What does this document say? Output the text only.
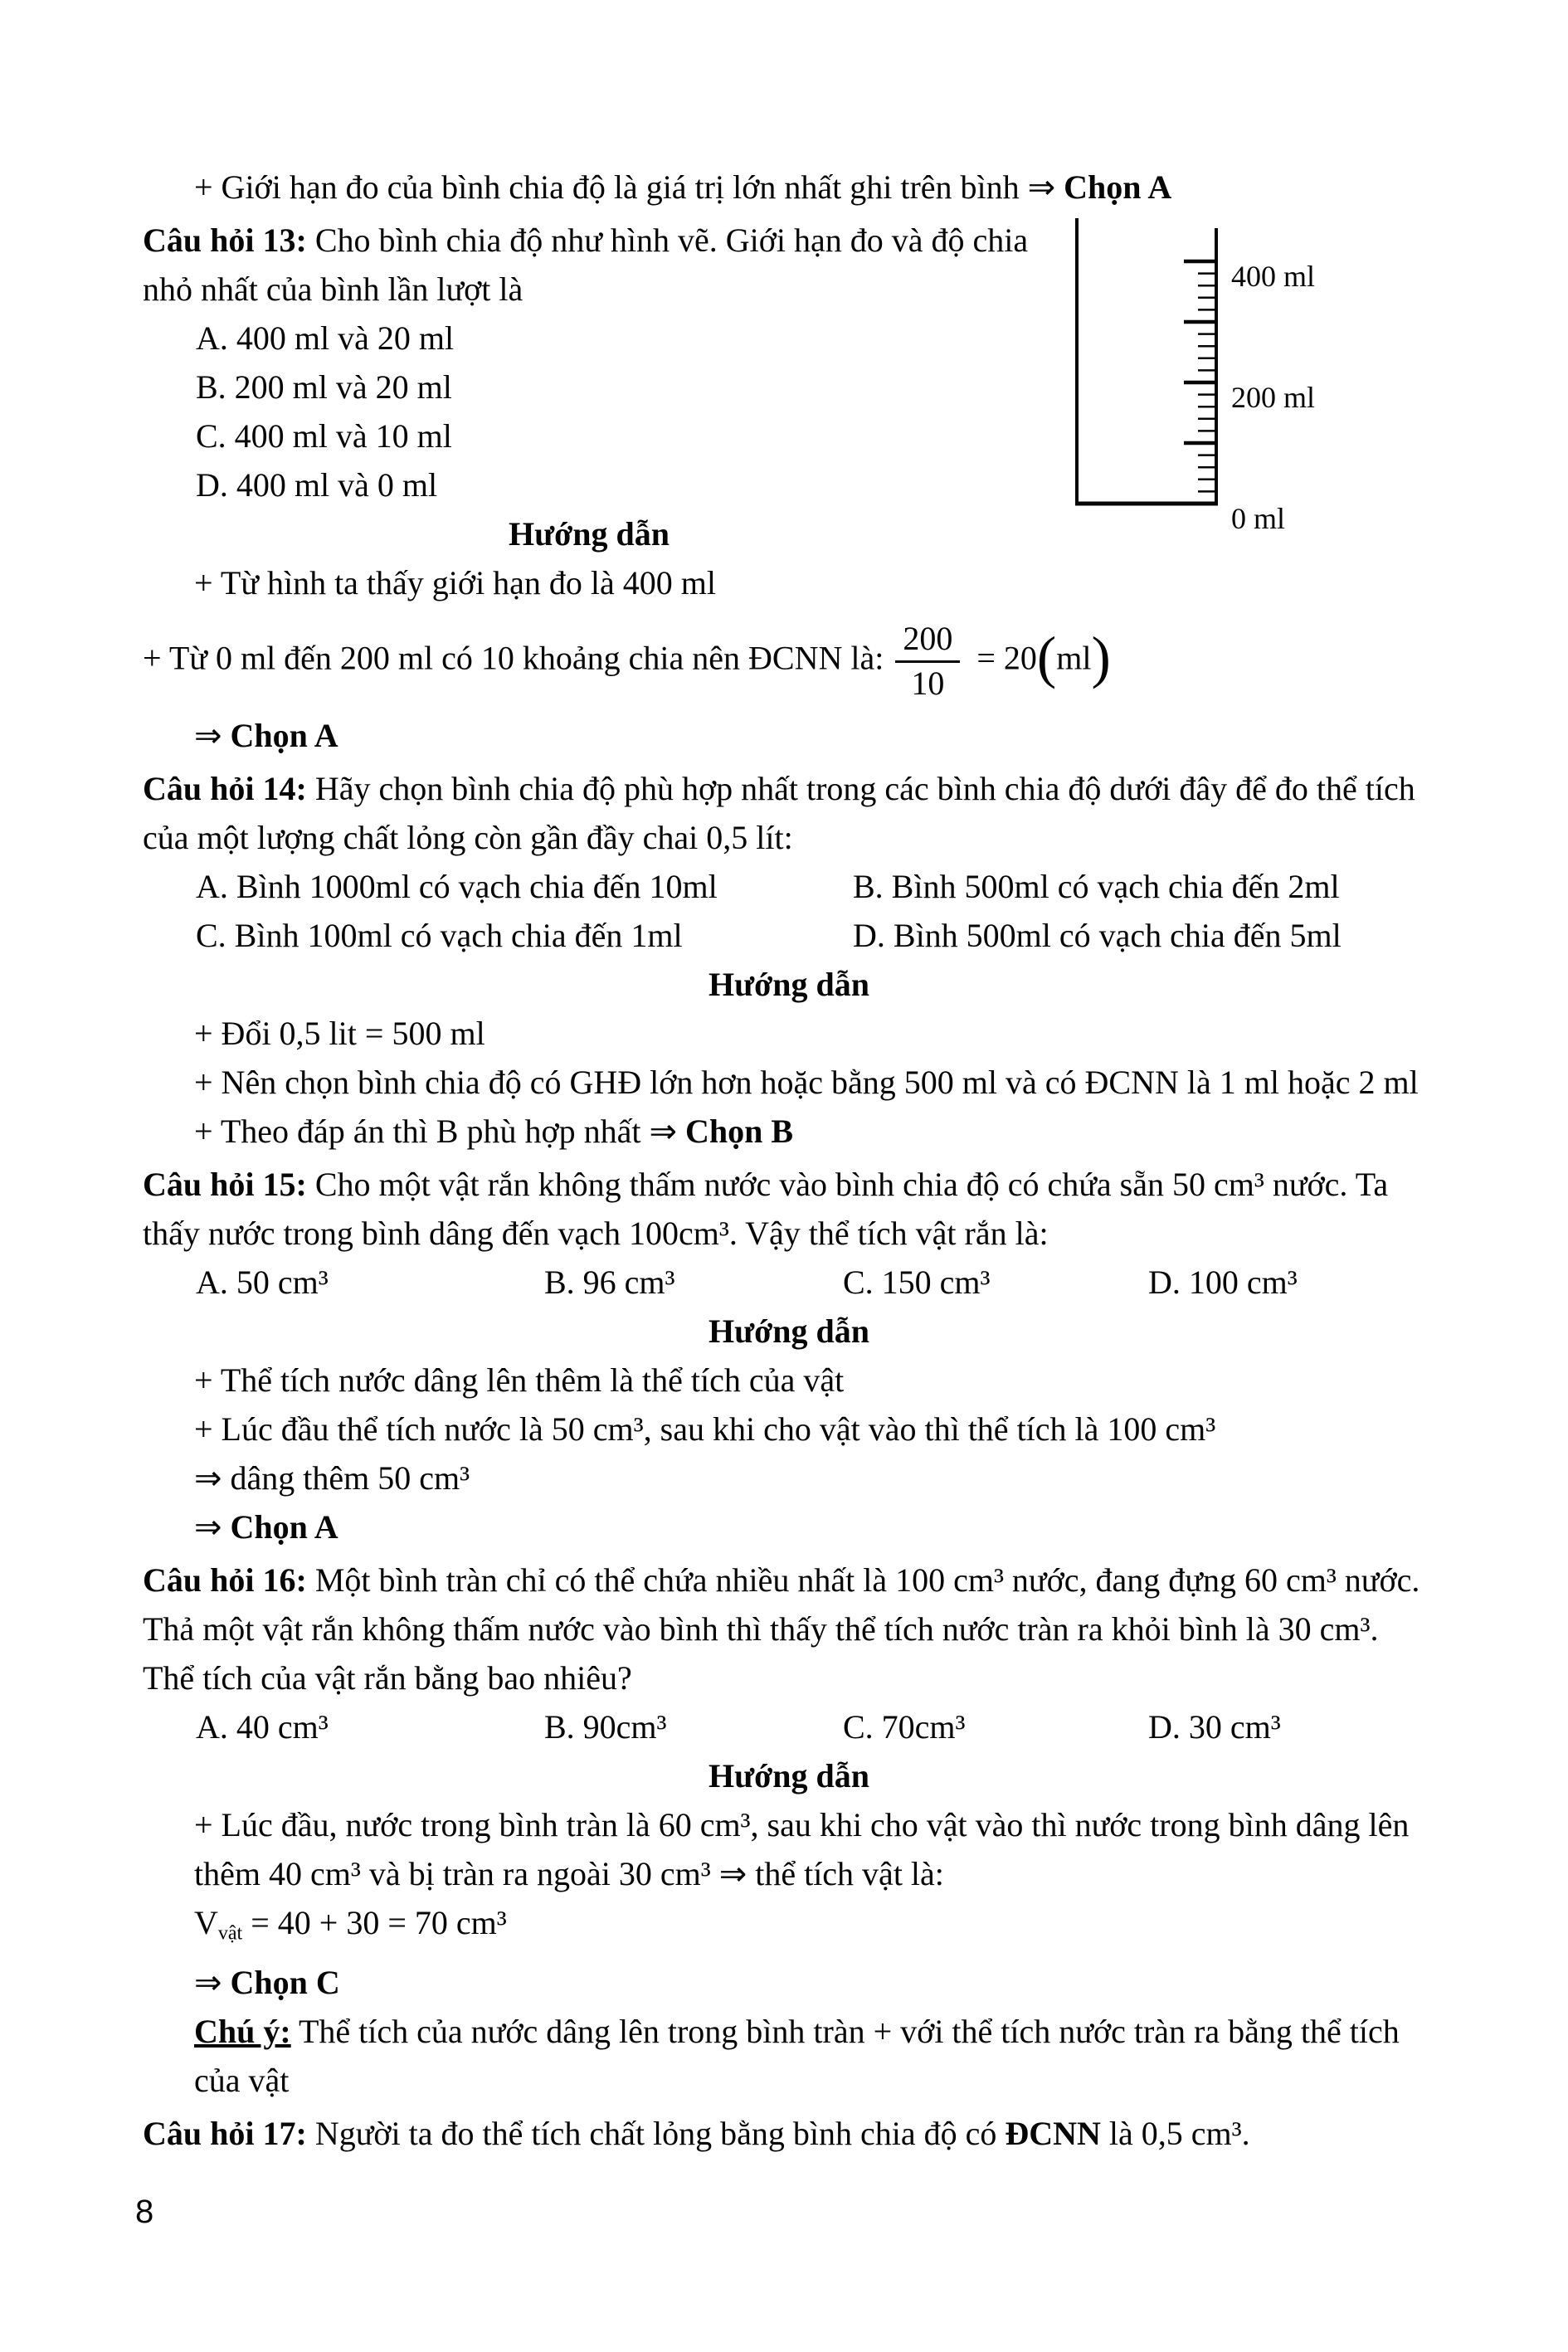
+ Giới hạn đo của bình chia độ là giá trị lớn nhất ghi trên bình ⇒ Chọn A

400 ml
200 ml
0 ml

Câu hỏi 13: Cho bình chia độ như hình vẽ. Giới hạn đo và độ chia nhỏ nhất của bình lần lượt là

A. 400 ml và 20 ml

B. 200 ml và 20 ml

C. 400 ml và 10 ml

D. 400 ml và 0 ml

Hướng dẫn

+ Từ hình ta thấy giới hạn đo là 400 ml

+ Từ 0 ml đến 200 ml có 10 khoảng chia nên ĐCNN là: $\frac{200}{10} = 20(ml)$

⇒ Chọn A

Câu hỏi 14: Hãy chọn bình chia độ phù hợp nhất trong các bình chia độ dưới đây để đo thể tích của một lượng chất lỏng còn gần đầy chai 0,5 lít:

A. Bình 1000ml có vạch chia đến 10ml	B. Bình 500ml có vạch chia đến 2ml
C. Bình 100ml có vạch chia đến 1ml	D. Bình 500ml có vạch chia đến 5ml

Hướng dẫn

+ Đổi 0,5 lit = 500 ml

+ Nên chọn bình chia độ có GHĐ lớn hơn hoặc bằng 500 ml và có ĐCNN là 1 ml hoặc 2 ml

+ Theo đáp án thì B phù hợp nhất ⇒ Chọn B

Câu hỏi 15: Cho một vật rắn không thấm nước vào bình chia độ có chứa sẵn 50 cm³ nước. Ta thấy nước trong bình dâng đến vạch 100cm³. Vậy thể tích vật rắn là:

A. 50 cm³	B. 96 cm³	C. 150 cm³	D. 100 cm³

Hướng dẫn

+ Thể tích nước dâng lên thêm là thể tích của vật

+ Lúc đầu thể tích nước là 50 cm³, sau khi cho vật vào thì thể tích là 100 cm³

⇒ dâng thêm 50 cm³

⇒ Chọn A

Câu hỏi 16: Một bình tràn chỉ có thể chứa nhiều nhất là 100 cm³ nước, đang đựng 60 cm³ nước. Thả một vật rắn không thấm nước vào bình thì thấy thể tích nước tràn ra khỏi bình là 30 cm³. Thể tích của vật rắn bằng bao nhiêu?

A. 40 cm³	B. 90cm³	C. 70cm³	D. 30 cm³

Hướng dẫn

+ Lúc đầu, nước trong bình tràn là 60 cm³, sau khi cho vật vào thì nước trong bình dâng lên thêm 40 cm³ và bị tràn ra ngoài 30 cm³ ⇒ thể tích vật là:

$V_{vật} = 40 + 30 = 70$ cm³

⇒ Chọn C

Chú ý: Thể tích của nước dâng lên trong bình tràn + với thể tích nước tràn ra bằng thể tích của vật

Câu hỏi 17: Người ta đo thể tích chất lỏng bằng bình chia độ có ĐCNN là 0,5 cm³.

8
